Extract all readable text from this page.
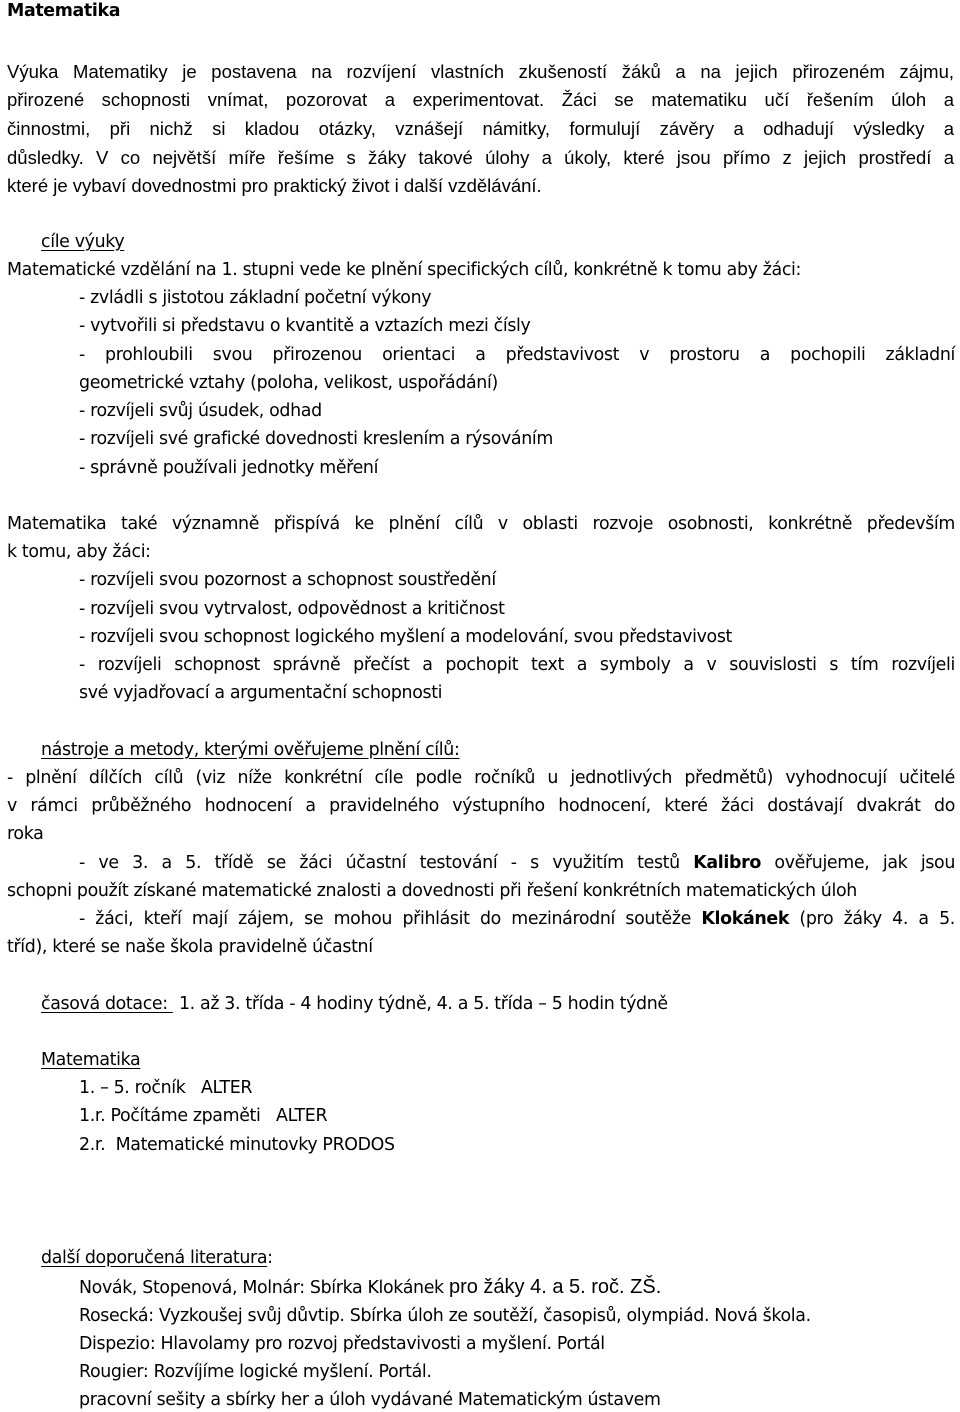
Matematika
Výuka Matematiky je postavena na rozvíjení vlastních zkušeností žáků a na jejich přirozeném zájmu,
přirozené schopnosti vnímat, pozorovat a experimentovat. Žáci se matematiku učí řešením úloh a
činnostmi, při nichž si kladou otázky, vznášejí námitky, formulují závěry a odhadují výsledky a
důsledky. V co největší míře řešíme s žáky takové úlohy a úkoly, které jsou přímo z jejich prostředí a
které je vybaví dovednostmi pro praktický život i další vzdělávání.
cíle výuky
Matematické vzdělání na 1. stupni vede ke plnění specifických cílů, konkrétně k tomu aby žáci:
- zvládli s jistotou základní početní výkony
- vytvořili si představu o kvantitě a vztazích mezi čísly
- prohloubili svou přirozenou orientaci a představivost v prostoru a pochopili základní
geometrické vztahy (poloha, velikost, uspořádání)
- rozvíjeli svůj úsudek, odhad
- rozvíjeli své grafické dovednosti kreslením a rýsováním
- správně používali jednotky měření
Matematika také významně přispívá ke plnění cílů v oblasti rozvoje osobnosti, konkrétně především
k tomu, aby žáci:
- rozvíjeli svou pozornost a schopnost soustředění
- rozvíjeli svou vytrvalost, odpovědnost a kritičnost
- rozvíjeli svou schopnost logického myšlení a modelování, svou představivost
- rozvíjeli schopnost správně přečíst a pochopit text a symboly a v souvislosti s tím rozvíjeli
své vyjadřovací a argumentační schopnosti
nástroje a metody, kterými ověřujeme plnění cílů:
- plnění dílčích cílů (viz níže konkrétní cíle podle ročníků u jednotlivých předmětů) vyhodnocují učitelé
v rámci průběžného hodnocení a pravidelného výstupního hodnocení, které žáci dostávají dvakrát do
roka
- ve 3. a 5. třídě se žáci účastní testování - s využitím testů Kalibro ověřujeme, jak jsou
schopni použít získané matematické znalosti a dovednosti při řešení konkrétních matematických úloh
- žáci, kteří mají zájem, se mohou přihlásit do mezinárodní soutěže Klokánek (pro žáky 4. a 5.
tříd), které se naše škola pravidelně účastní
časová dotace: 1. až 3. třída - 4 hodiny týdně, 4. a 5. třída – 5 hodin týdně
Matematika
1. – 5. ročník   ALTER
1.r. Počítáme zpaměti   ALTER
2.r.  Matematické minutovky PRODOS
další doporučená literatura:
Novák, Stopenová, Molnár: Sbírka Klokánek pro žáky 4. a 5. roč. ZŠ.
Rosecká: Vyzkoušej svůj důvtip. Sbírka úloh ze soutěží, časopisů, olympiád. Nová škola.
Dispezio: Hlavolamy pro rozvoj představivosti a myšlení. Portál
Rougier: Rozvíjíme logické myšlení. Portál.
pracovní sešity a sbírky her a úloh vydávané Matematickým ústavem
